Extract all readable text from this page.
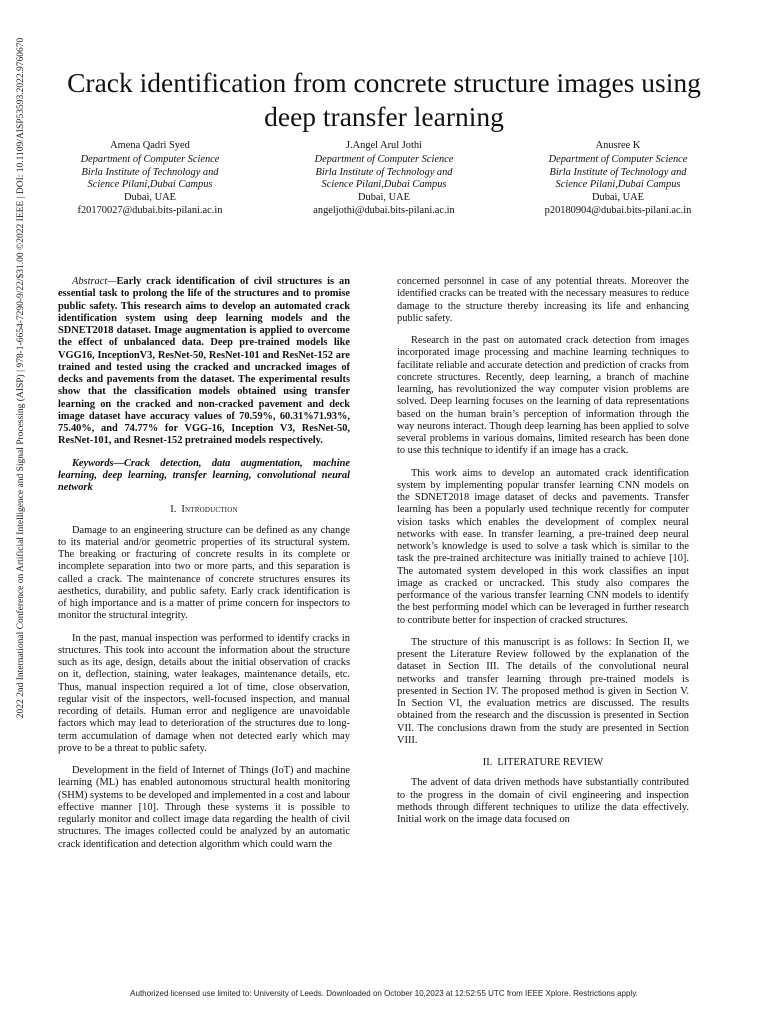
2022 2nd International Conference on Artificial Intelligence and Signal Processing (AISP) | 978-1-6654-7290-9/22/$31.00 ©2022 IEEE | DOI: 10.1109/AISP53593.2022.9760670 Crack identification from concrete structure images using deep transfer learning
Amena Qadri Syed
Department of Computer Science
Birla Institute of Technology and
Science Pilani,Dubai Campus
Dubai, UAE
f20170027@dubai.bits-pilani.ac.in
J.Angel Arul Jothi
Department of Computer Science
Birla Institute of Technology and
Science Pilani,Dubai Campus
Dubai, UAE
angeljothi@dubai.bits-pilani.ac.in
Anusree K
Department of Computer Science
Birla Institute of Technology and
Science Pilani,Dubai Campus
Dubai, UAE
p20180904@dubai.bits-pilani.ac.in

Abstract—Early crack identification of civil structures is an essential task to prolong the life of the structures and to promise public safety. This research aims to develop an automated crack identification system using deep learning models and the SDNET2018 dataset. Image augmentation is applied to overcome the effect of unbalanced data. Deep pre-trained models like VGG16, InceptionV3, ResNet-50, ResNet-101 and ResNet-152 are trained and tested using the cracked and uncracked images of decks and pavements from the dataset. The experimental results show that the classification models obtained using transfer learning on the cracked and non-cracked pavement and deck image dataset have accuracy values of 70.59%, 60.31%71.93%, 75.40%, and 74.77% for VGG-16, Inception V3, ResNet-50, ResNet-101, and Resnet-152 pretrained models respectively.

Keywords—Crack detection, data augmentation, machine learning, deep learning, transfer learning, convolutional neural network

I. Introduction

Damage to an engineering structure can be defined as any change to its material and/or geometric properties of its structural system. The breaking or fracturing of concrete results in its complete or incomplete separation into two or more parts, and this separation is called a crack. The maintenance of concrete structures ensures its aesthetics, durability, and public safety. Early crack identification is of high importance and is a matter of prime concern for inspectors to monitor the structural integrity.

In the past, manual inspection was performed to identify cracks in structures. This took into account the information about the structure such as its age, design, details about the initial observation of cracks on it, deflection, staining, water leakages, maintenance details, etc. Thus, manual inspection required a lot of time, close observation, regular visit of the inspectors, well-focused inspection, and manual recording of details. Human error and negligence are unavoidable factors which may lead to deterioration of the structures due to long-term accumulation of damage when not detected early which may prove to be a threat to public safety.

Development in the field of Internet of Things (IoT) and machine learning (ML) has enabled autonomous structural health monitoring (SHM) systems to be developed and implemented in a cost and labour effective manner [10]. Through these systems it is possible to regularly monitor and collect image data regarding the health of civil structures. The images collected could be analyzed by an automatic crack identification and detection algorithm which could warn the

concerned personnel in case of any potential threats. Moreover the identified cracks can be treated with the necessary measures to reduce damage to the structure thereby increasing its life and enhancing public safety.

Research in the past on automated crack detection from images incorporated image processing and machine learning techniques to facilitate reliable and accurate detection and prediction of cracks from concrete structures. Recently, deep learning, a branch of machine learning, has revolutionized the way computer vision problems are solved. Deep learning focuses on the learning of data representations based on the human brain’s perception of information through the way neurons interact. Though deep learning has been applied to solve several problems in various domains, limited research has been done to use this technique to identify if an image has a crack.

This work aims to develop an automated crack identification system by implementing popular transfer learning CNN models on the SDNET2018 image dataset of decks and pavements. Transfer learning has been a popularly used technique recently for computer vision tasks which enables the development of complex neural networks with ease. In transfer learning, a pre-trained deep neural network’s knowledge is used to solve a task which is similar to the task the pre-trained architecture was initially trained to achieve [10]. The automated system developed in this work classifies an input image as cracked or uncracked. This study also compares the performance of the various transfer learning CNN models to identify the best performing model which can be leveraged in further research to contribute better for inspection of cracked structures.

The structure of this manuscript is as follows: In Section II, we present the Literature Review followed by the explanation of the dataset in Section III. The details of the convolutional neural networks and transfer learning through pre-trained models is presented in Section IV. The proposed method is given in Section V. In Section VI, the evaluation metrics are discussed. The results obtained from the research and the discussion is presented in Section VII. The conclusions drawn from the study are presented in Section VIII.

II. LITERATURE REVIEW

The advent of data driven methods have substantially contributed to the progress in the domain of civil engineering and inspection methods through different techniques to utilize the data effectively. Initial work on the image data focused on

Authorized licensed use limited to: University of Leeds. Downloaded on October 10,2023 at 12:52:55 UTC from IEEE Xplore. Restrictions apply.
